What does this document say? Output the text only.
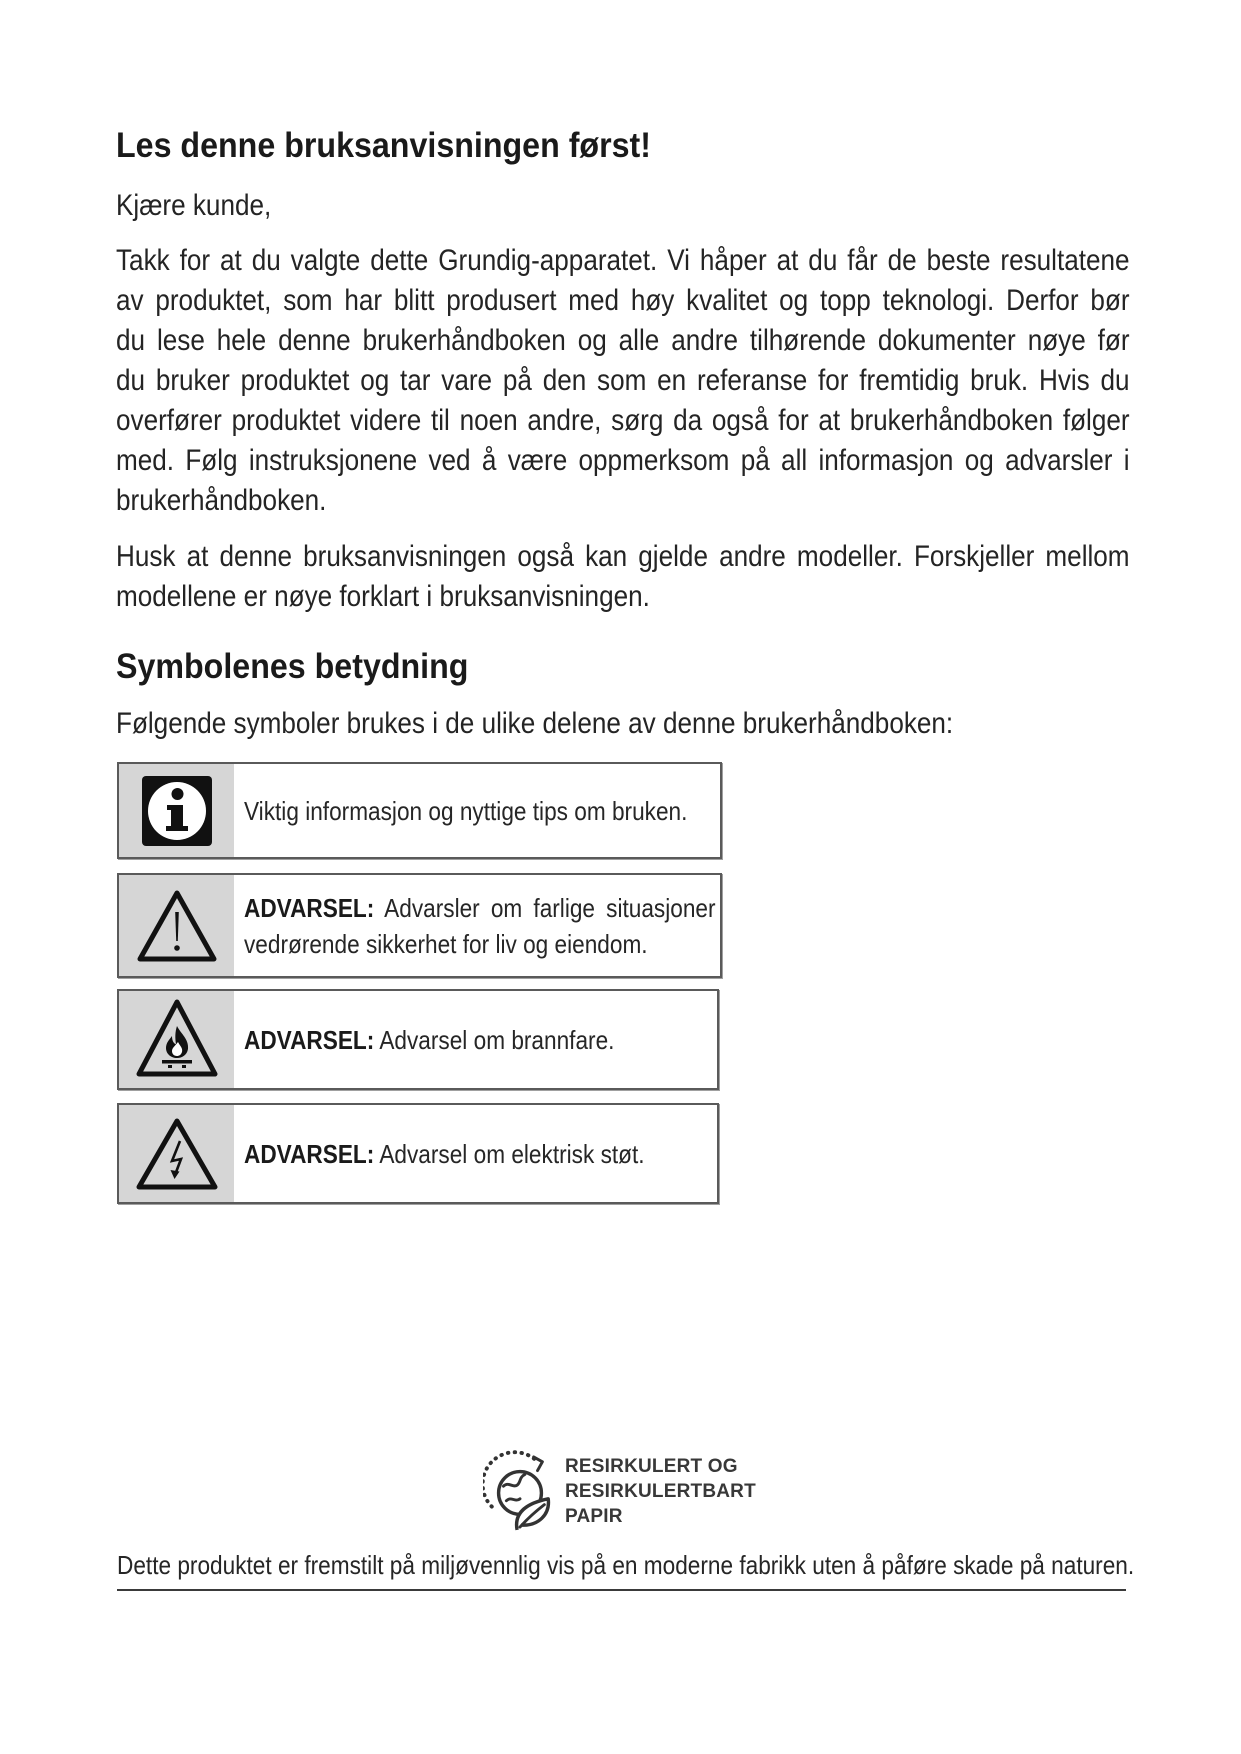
Les denne bruksanvisningen først!
Kjære kunde,
Takk for at du valgte dette Grundig-apparatet. Vi håper at du får de beste resultatene
av produktet, som har blitt produsert med høy kvalitet og topp teknologi. Derfor bør
du lese hele denne brukerhåndboken og alle andre tilhørende dokumenter nøye før
du bruker produktet og tar vare på den som en referanse for fremtidig bruk. Hvis du
overfører produktet videre til noen andre, sørg da også for at brukerhåndboken følger
med. Følg instruksjonene ved å være oppmerksom på all informasjon og advarsler i
brukerhåndboken.
Husk at denne bruksanvisningen også kan gjelde andre modeller. Forskjeller mellom
modellene er nøye forklart i bruksanvisningen.
Symbolenes betydning
Følgende symboler brukes i de ulike delene av denne brukerhåndboken:
Viktig informasjon og nyttige tips om bruken.
ADVARSEL: Advarsler om farlige situasjoner
vedrørende sikkerhet for liv og eiendom.
ADVARSEL: Advarsel om brannfare.
ADVARSEL: Advarsel om elektrisk støt.
RESIRKULERT OG
RESIRKULERTBART
PAPIR
Dette produktet er fremstilt på miljøvennlig vis på en moderne fabrikk uten å påføre skade på naturen.
